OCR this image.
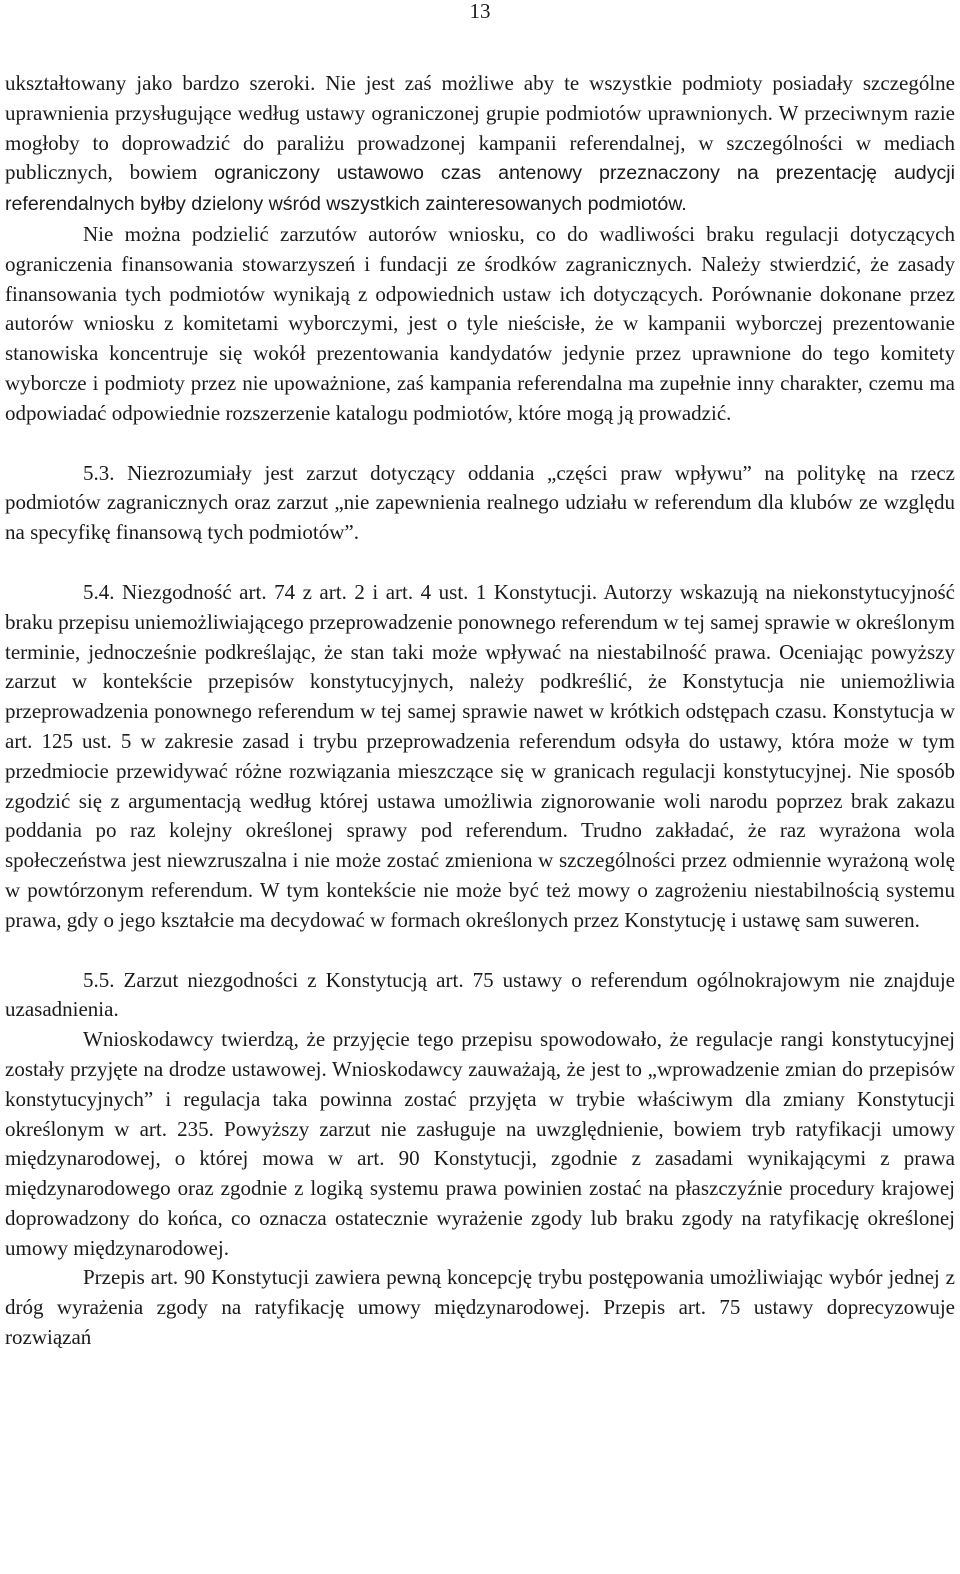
13

ukształtowany jako bardzo szeroki. Nie jest zaś możliwe aby te wszystkie podmioty posiadały szczególne uprawnienia przysługujące według ustawy ograniczonej grupie podmiotów uprawnionych. W przeciwnym razie mogłoby to doprowadzić do paraliżu prowadzonej kampanii referendalnej, w szczególności w mediach publicznych, bowiem ograniczony ustawowo czas antenowy przeznaczony na prezentację audycji referendalnych byłby dzielony wśród wszystkich zainteresowanych podmiotów.

Nie można podzielić zarzutów autorów wniosku, co do wadliwości braku regulacji dotyczących ograniczenia finansowania stowarzyszeń i fundacji ze środków zagranicznych. Należy stwierdzić, że zasady finansowania tych podmiotów wynikają z odpowiednich ustaw ich dotyczących. Porównanie dokonane przez autorów wniosku z komitetami wyborczymi, jest o tyle nieścisłe, że w kampanii wyborczej prezentowanie stanowiska koncentruje się wokół prezentowania kandydatów jedynie przez uprawnione do tego komitety wyborcze i podmioty przez nie upoważnione, zaś kampania referendalna ma zupełnie inny charakter, czemu ma odpowiadać odpowiednie rozszerzenie katalogu podmiotów, które mogą ją prowadzić.

5.3. Niezrozumiały jest zarzut dotyczący oddania „części praw wpływu” na politykę na rzecz podmiotów zagranicznych oraz zarzut „nie zapewnienia realnego udziału w referendum dla klubów ze względu na specyfikę finansową tych podmiotów”.

5.4. Niezgodność art. 74 z art. 2 i art. 4 ust. 1 Konstytucji. Autorzy wskazują na niekonstytucyjność braku przepisu uniemożliwiającego przeprowadzenie ponownego referendum w tej samej sprawie w określonym terminie, jednocześnie podkreślając, że stan taki może wpływać na niestabilność prawa. Oceniając powyższy zarzut w kontekście przepisów konstytucyjnych, należy podkreślić, że Konstytucja nie uniemożliwia przeprowadzenia ponownego referendum w tej samej sprawie nawet w krótkich odstępach czasu. Konstytucja w art. 125 ust. 5 w zakresie zasad i trybu przeprowadzenia referendum odsyła do ustawy, która może w tym przedmiocie przewidywać różne rozwiązania mieszczące się w granicach regulacji konstytucyjnej. Nie sposób zgodzić się z argumentacją według której ustawa umożliwia zignorowanie woli narodu poprzez brak zakazu poddania po raz kolejny określonej sprawy pod referendum. Trudno zakładać, że raz wyrażona wola społeczeństwa jest niewzruszalna i nie może zostać zmieniona w szczególności przez odmiennie wyrażoną wolę w powtórzonym referendum. W tym kontekście nie może być też mowy o zagrożeniu niestabilnością systemu prawa, gdy o jego kształcie ma decydować w formach określonych przez Konstytucję i ustawę sam suweren.

5.5. Zarzut niezgodności z Konstytucją art. 75 ustawy o referendum ogólnokrajowym nie znajduje uzasadnienia.

Wnioskodawcy twierdzą, że przyjęcie tego przepisu spowodowało, że regulacje rangi konstytucyjnej zostały przyjęte na drodze ustawowej. Wnioskodawcy zauważają, że jest to „wprowadzenie zmian do przepisów konstytucyjnych” i regulacja taka powinna zostać przyjęta w trybie właściwym dla zmiany Konstytucji określonym w art. 235. Powyższy zarzut nie zasługuje na uwzględnienie, bowiem tryb ratyfikacji umowy międzynarodowej, o której mowa w art. 90 Konstytucji, zgodnie z zasadami wynikającymi z prawa międzynarodowego oraz zgodnie z logiką systemu prawa powinien zostać na płaszczyźnie procedury krajowej doprowadzony do końca, co oznacza ostatecznie wyrażenie zgody lub braku zgody na ratyfikację określonej umowy międzynarodowej.

Przepis art. 90 Konstytucji zawiera pewną koncepcję trybu postępowania umożliwiając wybór jednej z dróg wyrażenia zgody na ratyfikację umowy międzynarodowej. Przepis art. 75 ustawy doprecyzowuje rozwiązań
